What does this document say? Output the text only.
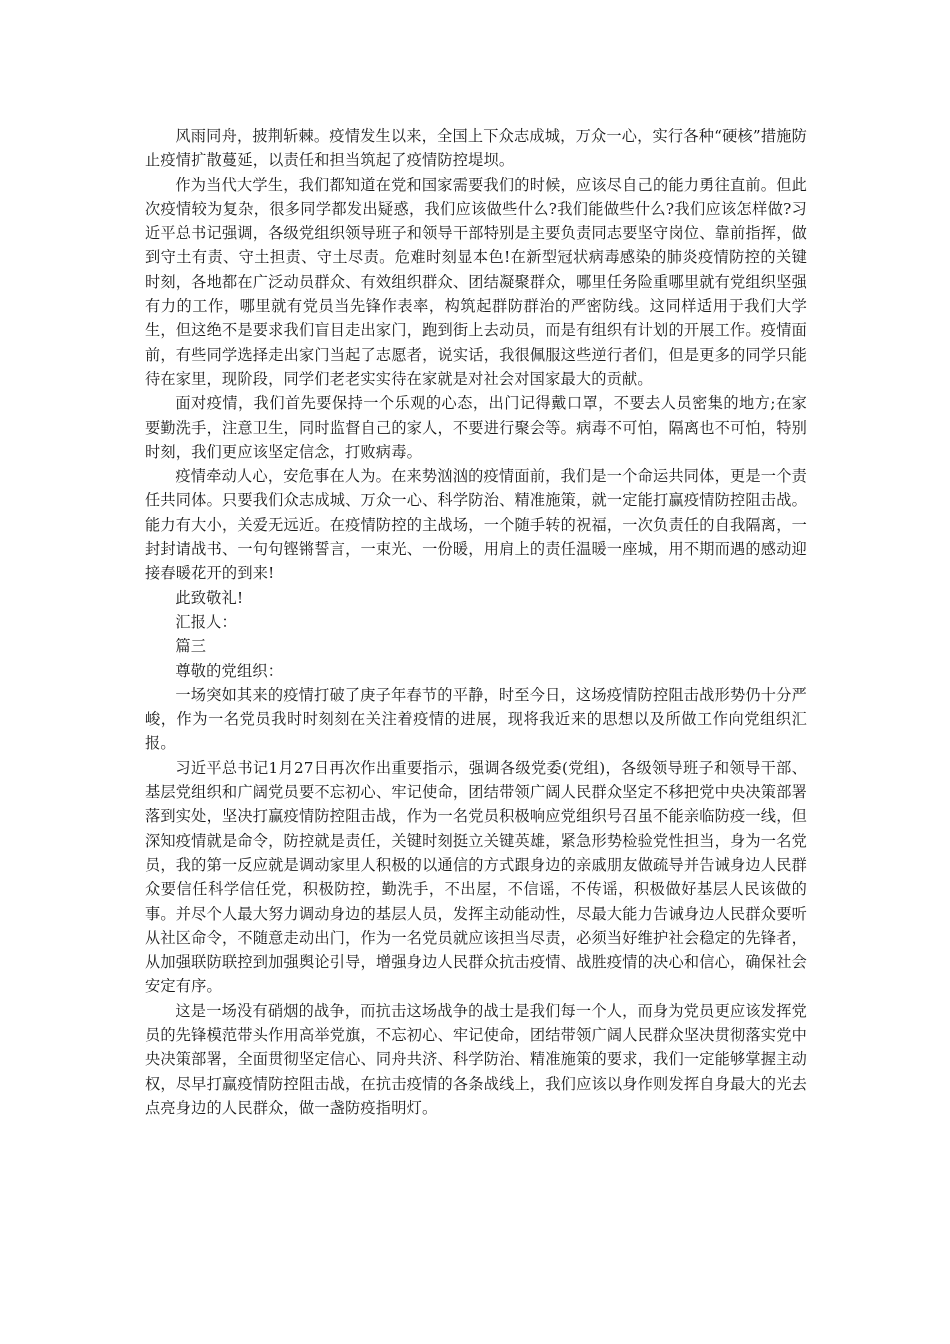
风雨同舟，披荆斩棘。疫情发生以来，全国上下众志成城，万众一心，实行各种“硬核”措施防止疫情扩散蔓延，以责任和担当筑起了疫情防控堤坝。

作为当代大学生，我们都知道在党和国家需要我们的时候，应该尽自己的能力勇往直前。但此次疫情较为复杂，很多同学都发出疑惑，我们应该做些什么?我们能做些什么?我们应该怎样做?习近平总书记强调，各级党组织领导班子和领导干部特别是主要负责同志要坚守岗位、靠前指挥，做到守土有责、守土担责、守土尽责。危难时刻显本色!在新型冠状病毒感染的肺炎疫情防控的关键时刻，各地都在广泛动员群众、有效组织群众、团结凝聚群众，哪里任务险重哪里就有党组织坚强有力的工作，哪里就有党员当先锋作表率，构筑起群防群治的严密防线。这同样适用于我们大学生，但这绝不是要求我们盲目走出家门，跑到街上去动员，而是有组织有计划的开展工作。疫情面前，有些同学选择走出家门当起了志愿者，说实话，我很佩服这些逆行者们，但是更多的同学只能待在家里，现阶段，同学们老老实实待在家就是对社会对国家最大的贡献。

面对疫情，我们首先要保持一个乐观的心态，出门记得戴口罩，不要去人员密集的地方;在家要勤洗手，注意卫生，同时监督自己的家人，不要进行聚会等。病毒不可怕，隔离也不可怕，特别时刻，我们更应该坚定信念，打败病毒。

疫情牵动人心，安危事在人为。在来势汹汹的疫情面前，我们是一个命运共同体，更是一个责任共同体。只要我们众志成城、万众一心、科学防治、精准施策，就一定能打赢疫情防控阻击战。能力有大小，关爱无远近。在疫情防控的主战场，一个随手转的祝福，一次负责任的自我隔离，一封封请战书、一句句铿锵誓言，一束光、一份暖，用肩上的责任温暖一座城，用不期而遇的感动迎接春暖花开的到来!

此致敬礼!

汇报人：

篇三

尊敬的党组织：

一场突如其来的疫情打破了庚子年春节的平静，时至今日，这场疫情防控阻击战形势仍十分严峻，作为一名党员我时时刻刻在关注着疫情的进展，现将我近来的思想以及所做工作向党组织汇报。

习近平总书记1月27日再次作出重要指示，强调各级党委(党组)，各级领导班子和领导干部、基层党组织和广阔党员要不忘初心、牢记使命，团结带领广阔人民群众坚定不移把党中央决策部署落到实处，坚决打赢疫情防控阻击战，作为一名党员积极响应党组织号召虽不能亲临防疫一线，但深知疫情就是命令，防控就是责任，关键时刻挺立关键英雄，紧急形势检验党性担当，身为一名党员，我的第一反应就是调动家里人积极的以通信的方式跟身边的亲戚朋友做疏导并告诫身边人民群众要信任科学信任党，积极防控，勤洗手，不出屋，不信谣，不传谣，积极做好基层人民该做的事。并尽个人最大努力调动身边的基层人员，发挥主动能动性，尽最大能力告诫身边人民群众要听从社区命令，不随意走动出门，作为一名党员就应该担当尽责，必须当好维护社会稳定的先锋者，从加强联防联控到加强舆论引导，增强身边人民群众抗击疫情、战胜疫情的决心和信心，确保社会安定有序。

这是一场没有硝烟的战争，而抗击这场战争的战士是我们每一个人，而身为党员更应该发挥党员的先锋模范带头作用高举党旗，不忘初心、牢记使命，团结带领广阔人民群众坚决贯彻落实党中央决策部署，全面贯彻坚定信心、同舟共济、科学防治、精准施策的要求，我们一定能够掌握主动权，尽早打赢疫情防控阻击战，在抗击疫情的各条战线上，我们应该以身作则发挥自身最大的光去点亮身边的人民群众，做一盏防疫指明灯。
